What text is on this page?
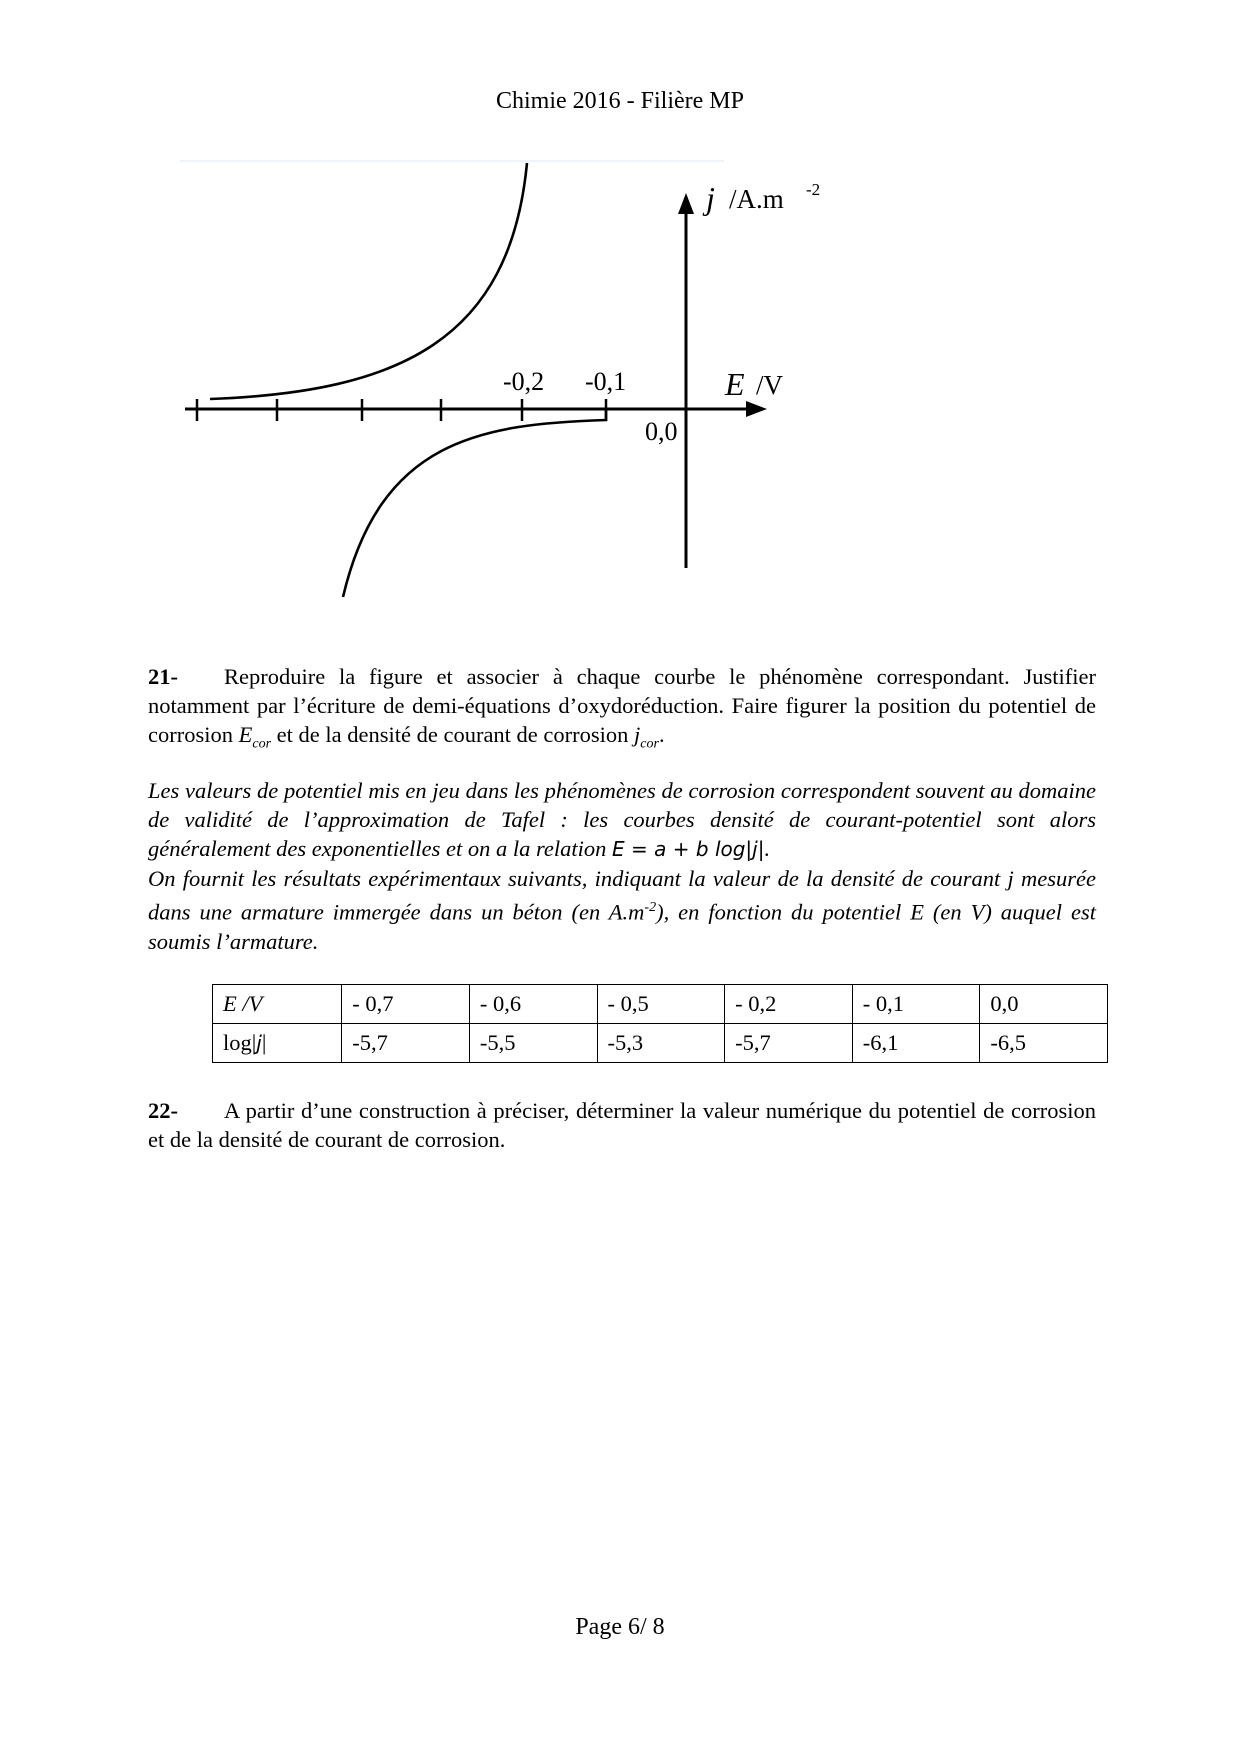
Chimie 2016 - Filière MP
-0,2 -0,1
0,0
j /A.m -2
E /V
21- Reproduire la figure et associer à chaque courbe le phénomène correspondant. Justifier notamment par l’écriture de demi-équations d’oxydoréduction. Faire figurer la position du potentiel de corrosion $E_{cor}$ et de la densité de courant de corrosion $j_{cor}$.
Les valeurs de potentiel mis en jeu dans les phénomènes de corrosion correspondent souvent au domaine de validité de l’approximation de Tafel : les courbes densité de courant-potentiel sont alors généralement des exponentielles et on a la relation E = a + b log|j|.
On fournit les résultats expérimentaux suivants, indiquant la valeur de la densité de courant j mesurée dans une armature immergée dans un béton (en $A.m^{-2}$), en fonction du potentiel E (en V) auquel est soumis l’armature.
E /V	- 0,7	- 0,6	- 0,5	- 0,2	- 0,1	0,0
log|j|	-5,7	-5,5	-5,3	-5,7	-6,1	-6,5
22- A partir d’une construction à préciser, déterminer la valeur numérique du potentiel de corrosion et de la densité de courant de corrosion.
Page 6/ 8
